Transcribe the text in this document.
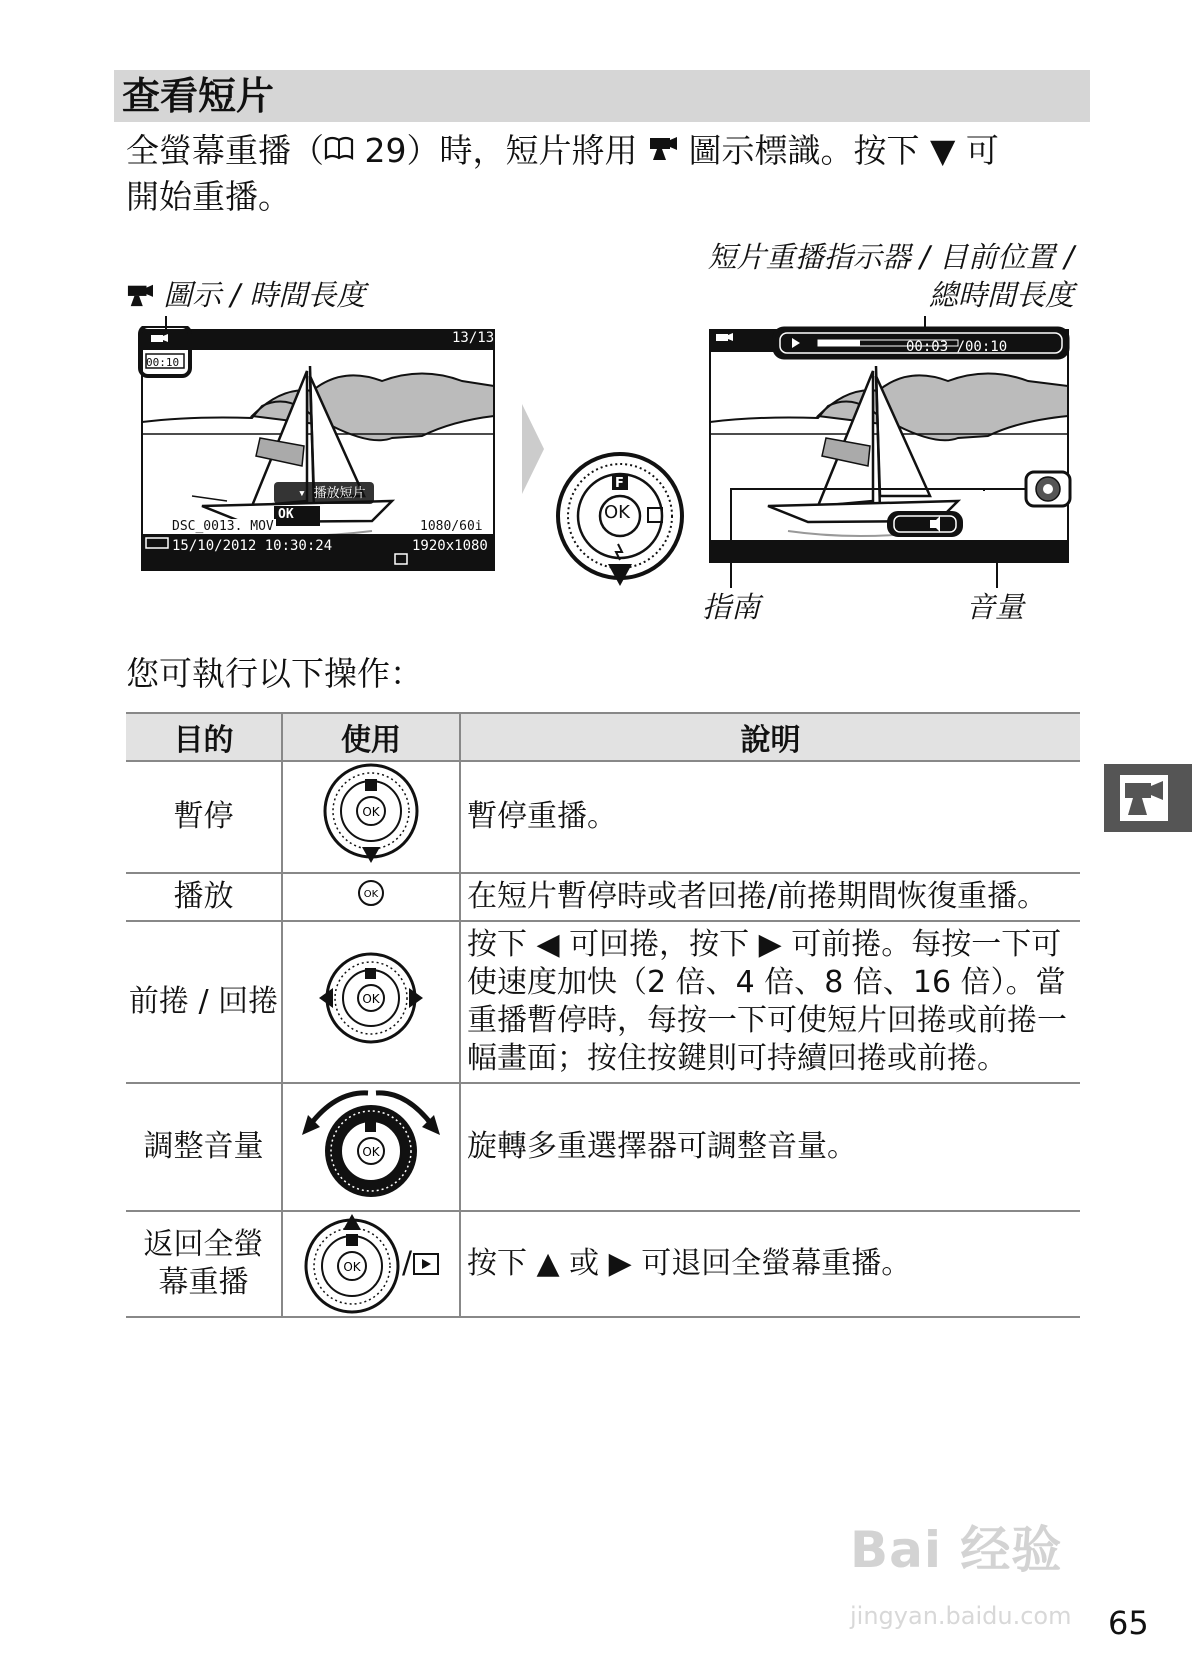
查看短片
全螢幕重播（ 29）時，短片將用 圖示標識。按下 ▼ 可
開始重播。
圖示 / 時間長度
13/13
00:10
▾ 播放短片
OK
DSC_0013. MOV	1080/60i
15/10/2012 10:30:24	1920x1080
OK
F
短片重播指示器 / 目前位置 /
總時間長度
00:03 /00:10
指南	音量
您可執行以下操作：
目的	使用	說明
暫停	OK	暫停重播。
播放	OK	在短片暫停時或者回捲/前捲期間恢復重播。
前捲 / 回捲	OK	按下 ◀ 可回捲，按下 ▶ 可前捲。每按一下可使速度加快（2 倍、4 倍、8 倍、16 倍）。當重播暫停時，每按一下可使短片回捲或前捲一幅畫面；按住按鍵則可持續回捲或前捲。
調整音量	OK	旋轉多重選擇器可調整音量。
返回全螢
幕重播	OK /	按下 ▲ 或 ▶ 可退回全螢幕重播。
Bai 经验
jingyan.baidu.com 65
